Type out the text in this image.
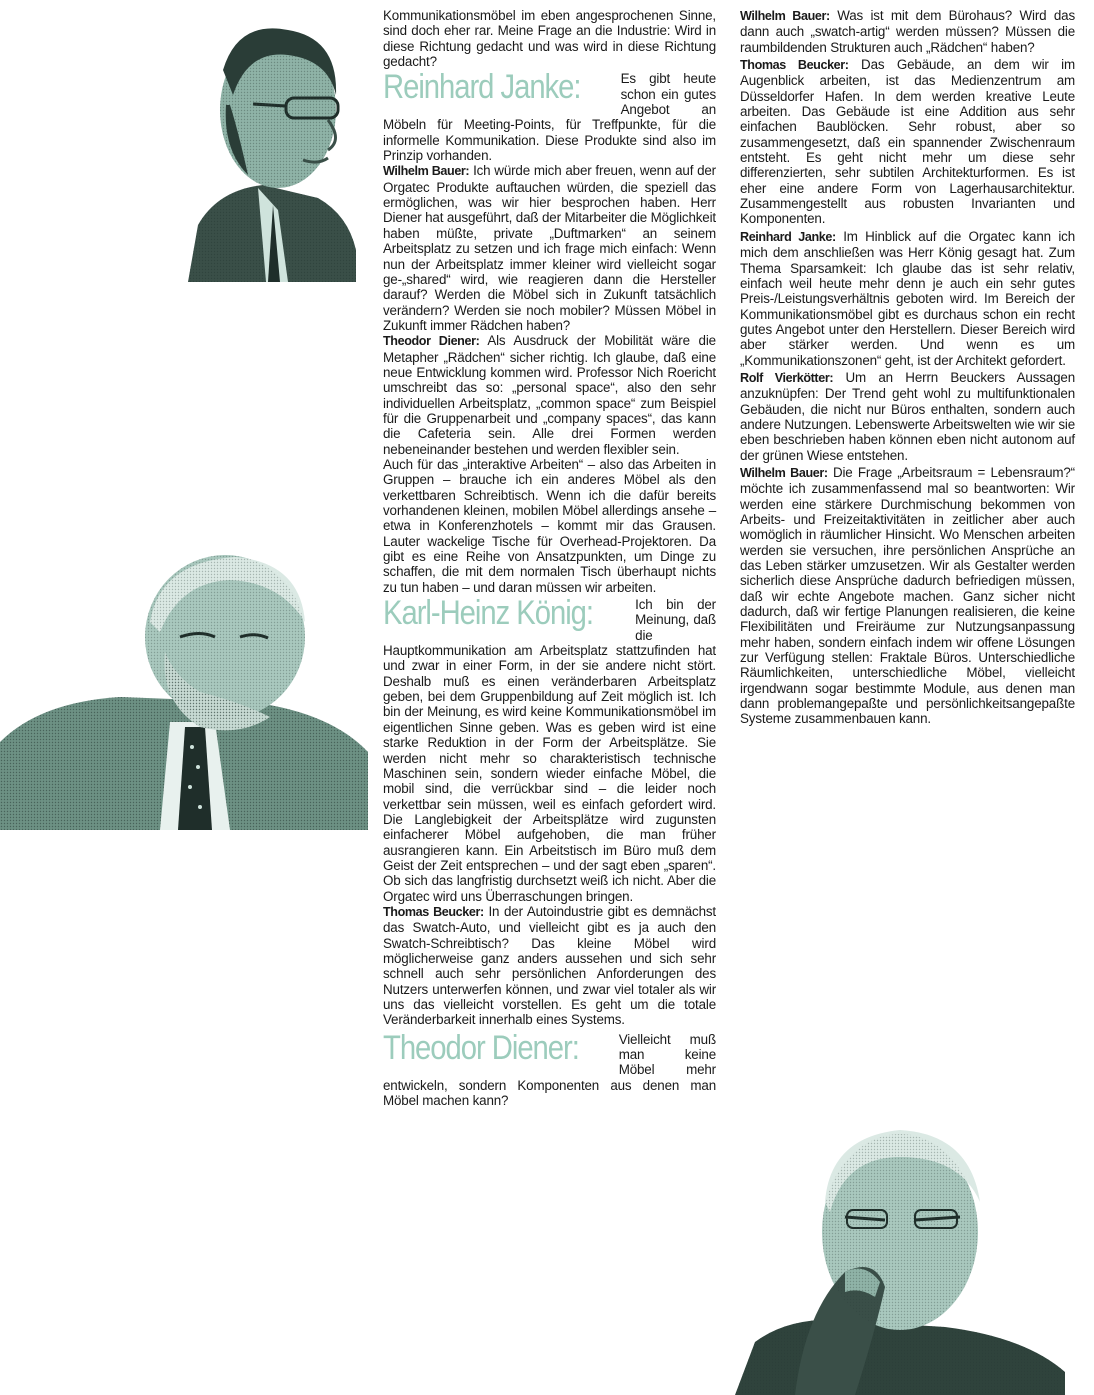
Kommunikationsmöbel im eben angesprochenen Sinne, sind doch eher rar. Meine Frage an die Industrie: Wird in diese Richtung gedacht und was wird in diese Richtung gedacht?

Reinhard Janke:	Es gibt heute schon ein gutes Angebot an Möbeln für Meeting-Points, für Treffpunkte, für die informelle Kommunikation. Diese Produkte sind also im Prinzip vorhanden.

Wilhelm Bauer: Ich würde mich aber freuen, wenn auf der Orgatec Produkte auftauchen würden, die speziell das ermöglichen, was wir hier besprochen haben. Herr Diener hat ausgeführt, daß der Mitarbeiter die Möglichkeit haben müßte, private „Duftmarken“ an seinem Arbeitsplatz zu setzen und ich frage mich einfach: Wenn nun der Arbeitsplatz immer kleiner wird vielleicht sogar ge-„shared“ wird, wie reagieren dann die Hersteller darauf? Werden die Möbel sich in Zukunft tatsächlich verändern? Werden sie noch mobiler? Müssen Möbel in Zukunft immer Rädchen haben?

Theodor Diener: Als Ausdruck der Mobilität wäre die Metapher „Rädchen“ sicher richtig. Ich glaube, daß eine neue Entwicklung kommen wird. Professor Nich Roericht umschreibt das so: „personal space“, also den sehr individuellen Arbeitsplatz, „common space“ zum Beispiel für die Gruppenarbeit und „company spaces“, das kann die Cafeteria sein. Alle drei Formen werden nebeneinander bestehen und werden flexibler sein.

Auch für das „interaktive Arbeiten“ – also das Arbeiten in Gruppen – brauche ich ein anderes Möbel als den verkettbaren Schreibtisch. Wenn ich die dafür bereits vorhandenen kleinen, mobilen Möbel allerdings ansehe – etwa in Konferenzhotels – kommt mir das Grausen. Lauter wackelige Tische für Overhead-Projektoren. Da gibt es eine Reihe von Ansatzpunkten, um Dinge zu schaffen, die mit dem normalen Tisch überhaupt nichts zu tun haben – und daran müssen wir arbeiten.

Karl-Heinz König:	Ich bin der Meinung, daß die Hauptkommunikation am Arbeitsplatz stattzufinden hat und zwar in einer Form, in der sie andere nicht stört. Deshalb muß es einen veränderbaren Arbeitsplatz geben, bei dem Gruppenbildung auf Zeit möglich ist. Ich bin der Meinung, es wird keine Kommunikationsmöbel im eigentlichen Sinne geben. Was es geben wird ist eine starke Reduktion in der Form der Arbeitsplätze. Sie werden nicht mehr so charakteristisch technische Maschinen sein, sondern wieder einfache Möbel, die mobil sind, die verrückbar sind – die leider noch verkettbar sein müssen, weil es einfach gefordert wird. Die Langlebigkeit der Arbeitsplätze wird zugunsten einfacherer Möbel aufgehoben, die man früher ausrangieren kann. Ein Arbeitstisch im Büro muß dem Geist der Zeit entsprechen – und der sagt eben „sparen“. Ob sich das langfristig durchsetzt weiß ich nicht. Aber die Orgatec wird uns Überraschungen bringen.

Thomas Beucker: In der Autoindustrie gibt es demnächst das Swatch-Auto, und vielleicht gibt es ja auch den Swatch-Schreibtisch? Das kleine Möbel wird möglicherweise ganz anders aussehen und sich sehr schnell auch sehr persönlichen Anforderungen des Nutzers unterwerfen können, und zwar viel totaler als wir uns das vielleicht vorstellen. Es geht um die totale Veränderbarkeit innerhalb eines Systems.

Theodor Diener:	Vielleicht muß man keine Möbel mehr entwickeln, sondern Komponenten aus denen man Möbel machen kann?

Wilhelm Bauer: Was ist mit dem Bürohaus? Wird das dann auch „swatch-artig“ werden müssen? Müssen die raumbildenden Strukturen auch „Rädchen“ haben?

Thomas Beucker: Das Gebäude, an dem wir im Augenblick arbeiten, ist das Medienzentrum am Düsseldorfer Hafen. In dem werden kreative Leute arbeiten. Das Gebäude ist eine Addition aus sehr einfachen Baublöcken. Sehr robust, aber so zusammengesetzt, daß ein spannender Zwischenraum entsteht. Es geht nicht mehr um diese sehr differenzierten, sehr subtilen Architekturformen. Es ist eher eine andere Form von Lagerhausarchitektur. Zusammengestellt aus robusten Invarianten und Komponenten.

Reinhard Janke: Im Hinblick auf die Orgatec kann ich mich dem anschließen was Herr König gesagt hat. Zum Thema Sparsamkeit: Ich glaube das ist sehr relativ, einfach weil heute mehr denn je auch ein sehr gutes Preis-/Leistungsverhältnis geboten wird. Im Bereich der Kommunikationsmöbel gibt es durchaus schon ein recht gutes Angebot unter den Herstellern. Dieser Bereich wird aber stärker werden. Und wenn es um „Kommunikationszonen“ geht, ist der Architekt gefordert.

Rolf Vierkötter: Um an Herrn Beuckers Aussagen anzuknüpfen: Der Trend geht wohl zu multifunktionalen Gebäuden, die nicht nur Büros enthalten, sondern auch andere Nutzungen. Lebenswerte Arbeitswelten wie wir sie eben beschrieben haben können eben nicht autonom auf der grünen Wiese entstehen.

Wilhelm Bauer: Die Frage „Arbeitsraum = Lebensraum?“ möchte ich zusammenfassend mal so beantworten: Wir werden eine stärkere Durchmischung bekommen von Arbeits- und Freizeitaktivitäten in zeitlicher aber auch womöglich in räumlicher Hinsicht. Wo Menschen arbeiten werden sie versuchen, ihre persönlichen Ansprüche an das Leben stärker umzusetzen. Wir als Gestalter werden sicherlich diese Ansprüche dadurch befriedigen müssen, daß wir echte Angebote machen. Ganz sicher nicht dadurch, daß wir fertige Planungen realisieren, die keine Flexibilitäten und Freiräume zur Nutzungsanpassung mehr haben, sondern einfach indem wir offene Lösungen zur Verfügung stellen: Fraktale Büros. Unterschiedliche Räumlichkeiten, unterschiedliche Möbel, vielleicht irgendwann sogar bestimmte Module, aus denen man dann problemangepaßte und persönlichkeitsangepaßte Systeme zusammenbauen kann.
